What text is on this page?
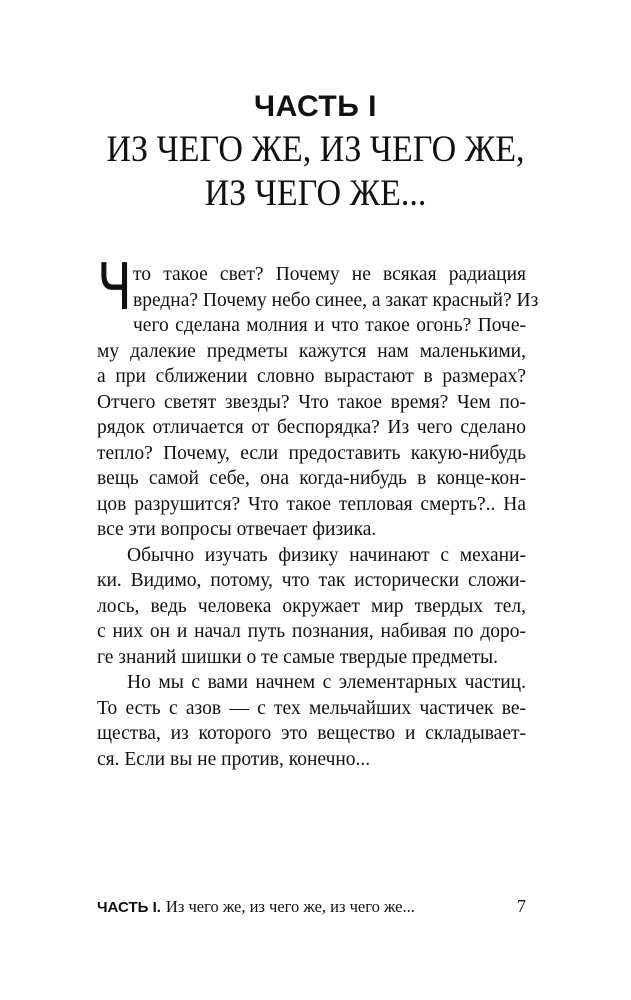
ЧАСТЬ I
ИЗ ЧЕГО ЖЕ, ИЗ ЧЕГО ЖЕ,
ИЗ ЧЕГО ЖЕ...
Ч то такое свет? Почему не всякая радиация
вредна? Почему небо синее, а закат красный? Из
чего сделана молния и что такое огонь? Поче-
му далекие предметы кажутся нам маленькими,
а при сближении словно вырастают в размерах?
Отчего светят звезды? Что такое время? Чем по-
рядок отличается от беспорядка? Из чего сделано
тепло? Почему, если предоставить какую-нибудь
вещь самой себе, она когда-нибудь в конце-кон-
цов разрушится? Что такое тепловая смерть?.. На
все эти вопросы отвечает физика.
Обычно изучать физику начинают с механи-
ки. Видимо, потому, что так исторически сложи-
лось, ведь человека окружает мир твердых тел,
с них он и начал путь познания, набивая по доро-
ге знаний шишки о те самые твердые предметы.
Но мы с вами начнем с элементарных частиц.
То есть с азов — с тех мельчайших частичек ве-
щества, из которого это вещество и складывает-
ся. Если вы не против, конечно...
ЧАСТЬ I. Из чего же, из чего же, из чего же...	7
